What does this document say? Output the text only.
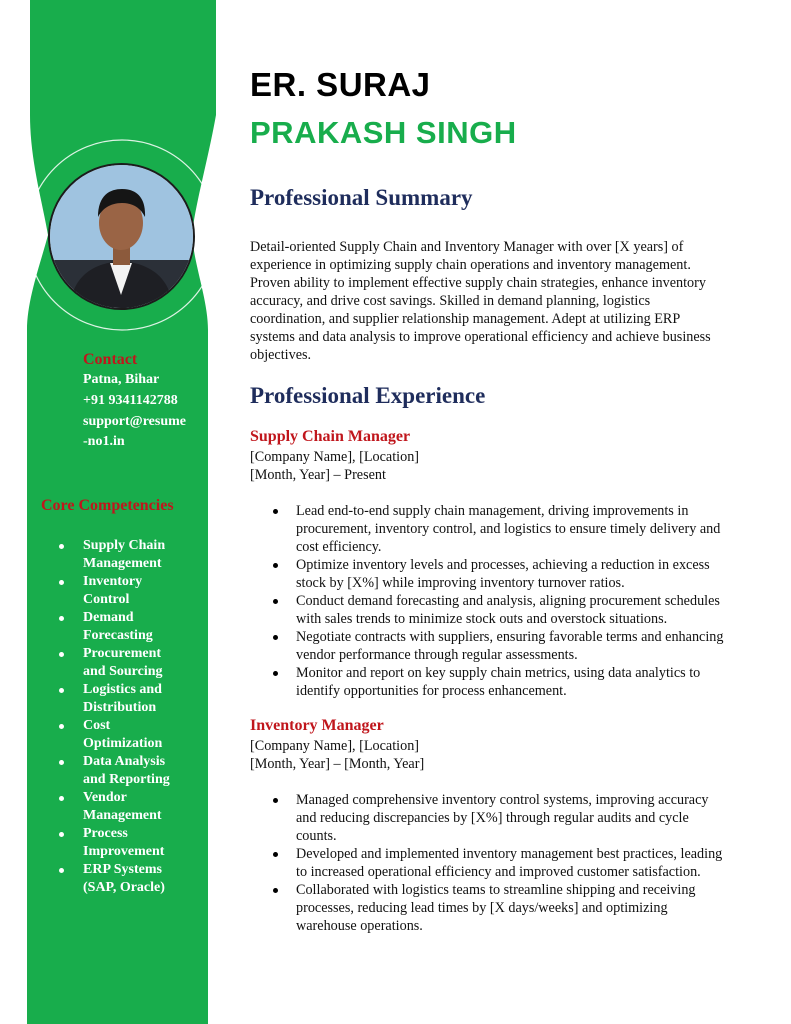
Contact
Patna, Bihar
+91 9341142788
support@resume
-no1.in
Core Competencies
Supply Chain
Management
Inventory
Control
Demand
Forecasting
Procurement
and Sourcing
Logistics and
Distribution
Cost
Optimization
Data Analysis
and Reporting
Vendor
Management
Process
Improvement
ERP Systems
(SAP, Oracle)
ER. SURAJ
PRAKASH SINGH
Professional Summary

Detail-oriented Supply Chain and Inventory Manager with over [X years] of
experience in optimizing supply chain operations and inventory management.
Proven ability to implement effective supply chain strategies, enhance inventory
accuracy, and drive cost savings. Skilled in demand planning, logistics
coordination, and supplier relationship management. Adept at utilizing ERP
systems and data analysis to improve operational efficiency and achieve business
objectives.

Professional Experience
Supply Chain Manager
[Company Name], [Location]
[Month, Year] – Present
Lead end-to-end supply chain management, driving improvements in
procurement, inventory control, and logistics to ensure timely delivery and
cost efficiency.
Optimize inventory levels and processes, achieving a reduction in excess
stock by [X%] while improving inventory turnover ratios.
Conduct demand forecasting and analysis, aligning procurement schedules
with sales trends to minimize stock outs and overstock situations.
Negotiate contracts with suppliers, ensuring favorable terms and enhancing
vendor performance through regular assessments.
Monitor and report on key supply chain metrics, using data analytics to
identify opportunities for process enhancement.
Inventory Manager
[Company Name], [Location]
[Month, Year] – [Month, Year]
Managed comprehensive inventory control systems, improving accuracy
and reducing discrepancies by [X%] through regular audits and cycle
counts.
Developed and implemented inventory management best practices, leading
to increased operational efficiency and improved customer satisfaction.
Collaborated with logistics teams to streamline shipping and receiving
processes, reducing lead times by [X days/weeks] and optimizing
warehouse operations.
